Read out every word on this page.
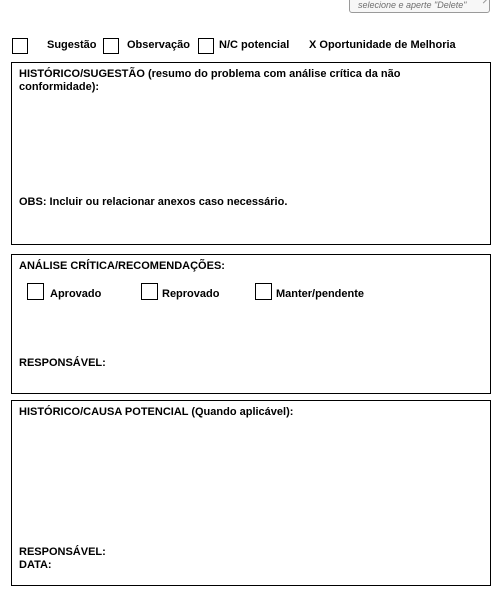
selecione e aperte "Delete"
Sugestão	Observação	N/C potencial X Oportunidade de Melhoria
HISTÓRICO/SUGESTÃO (resumo do problema com análise crítica da não
conformidade):
OBS: Incluir ou relacionar anexos caso necessário.
ANÁLISE CRÍTICA/RECOMENDAÇÕES:
Aprovado	Reprovado	Manter/pendente
RESPONSÁVEL:
HISTÓRICO/CAUSA POTENCIAL (Quando aplicável):
RESPONSÁVEL:
DATA:
